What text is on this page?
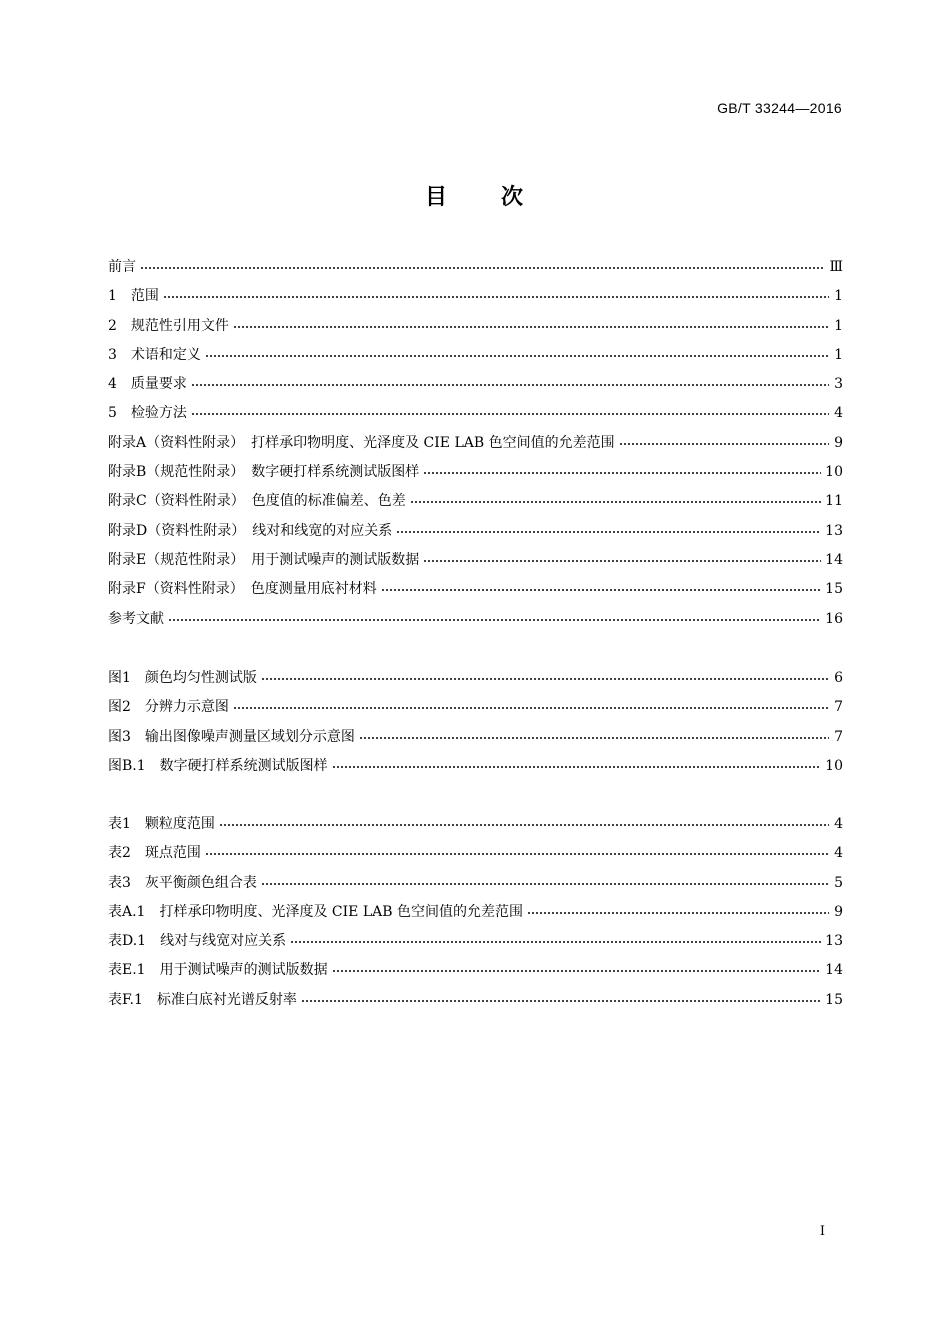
GB/T 33244—2016
目 次
前言	Ⅲ
1　范围	1
2　规范性引用文件	1
3　术语和定义	1
4　质量要求	3
5　检验方法	4
附录A（资料性附录）　打样承印物明度、光泽度及 CIE LAB 色空间值的允差范围	9
附录B（规范性附录）　数字硬打样系统测试版图样	10
附录C（资料性附录）　色度值的标准偏差、色差	11
附录D（资料性附录）　线对和线宽的对应关系	13
附录E（规范性附录）　用于测试噪声的测试版数据	14
附录F（资料性附录）　色度测量用底衬材料	15
参考文献	16
图1　颜色均匀性测试版	6
图2　分辨力示意图	7
图3　输出图像噪声测量区域划分示意图	7
图B.1　数字硬打样系统测试版图样	10
表1　颗粒度范围	4
表2　斑点范围	4
表3　灰平衡颜色组合表	5
表A.1　打样承印物明度、光泽度及 CIE LAB 色空间值的允差范围	9
表D.1　线对与线宽对应关系	13
表E.1　用于测试噪声的测试版数据	14
表F.1　标准白底衬光谱反射率	15
I
